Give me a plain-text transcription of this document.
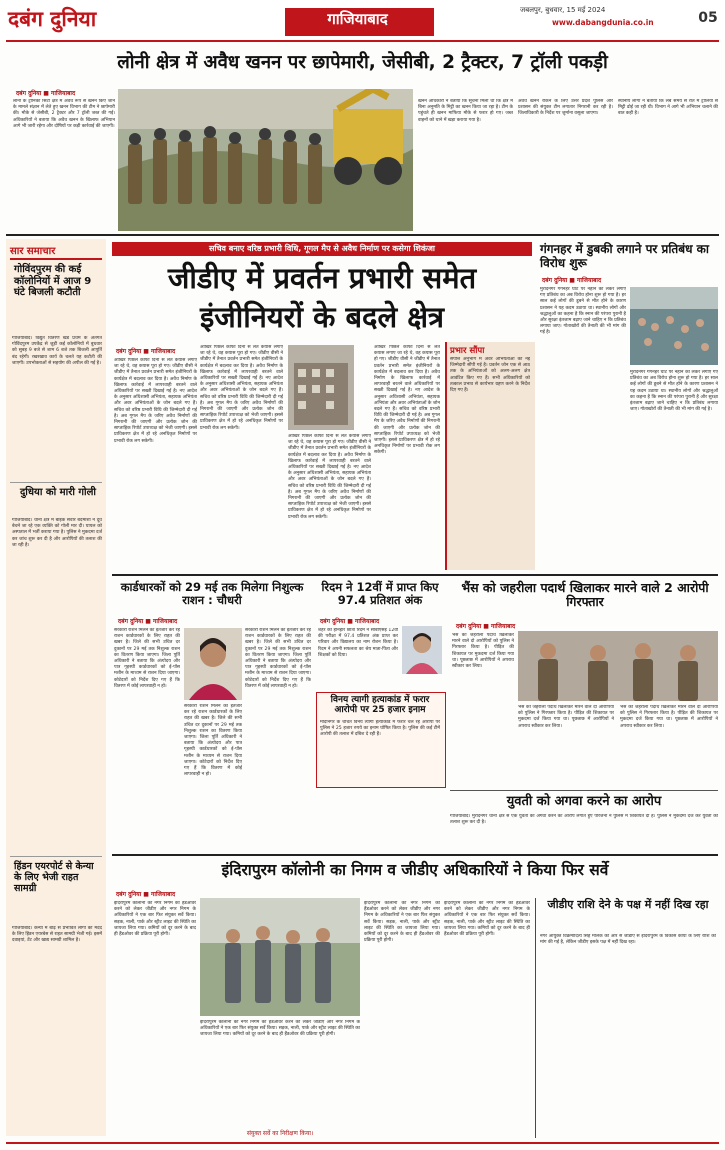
दबंग दुनिया	गाजियाबाद	जबलपुर, बुधवार, 15 मई 2024
www.dabangdunia.co.in	05
लोनी क्षेत्र में अवैध खनन पर छापेमारी, जेसीबी, 2 ट्रैक्टर, 7 ट्रॉली पकड़ी
दबंग दुनिया ■ गाजियाबाद
लोनी के ट्रोनिका सिटी क्षेत्र में अवैध रूप से खनन किए जाने के मामले संज्ञान में लेते हुए खनन विभाग की टीम ने छापेमारी की। मौके से जेसीबी, 2 ट्रैक्टर और 7 ट्रॉली जब्त की गई। अधिकारियों ने बताया कि अवैध खनन के खिलाफ अभियान आगे भी जारी रहेगा और दोषियों पर कड़ी कार्रवाई की जाएगी।
खनन अधिकारी ने बताया कि सूचना मिली थी कि क्षेत्र में बिना अनुमति के मिट्टी का खनन किया जा रहा है। टीम के पहुंचते ही खनन माफिया मौके से फरार हो गए। जब्त वाहनों को थाने में खड़ा कराया गया है।
अवैध खनन रोकने के लिए उत्तर प्रदेश पुलिस और प्रशासन की संयुक्त टीम लगातार निगरानी कर रही है। जिलाधिकारी के निर्देश पर जुर्माना वसूला जाएगा।
स्थानीय लोगों ने बताया कि लंबे समय से रात में ट्रॉलियों से मिट्टी ढोई जा रही थी। विभाग ने आगे भी अभियान चलाने की बात कही है।
सार समाचार
गोविंदपुरम की कई कॉलोनियों में आज 9 घंटे बिजली कटौती
गाजियाबाद। विद्युत वितरण खंड प्रथम के अंतर्गत गोविंदपुरम उपकेंद्र से जुड़ी कई कॉलोनियों में बुधवार को सुबह 9 बजे से शाम 6 बजे तक बिजली आपूर्ति बंद रहेगी। रखरखाव कार्य के चलते यह कटौती की जाएगी। उपभोक्ताओं से सहयोग की अपील की गई है।
दुधिया को मारी गोली
गाजियाबाद। थाना क्षेत्र में बाइक सवार बदमाशों ने दूध बेचने जा रहे एक व्यक्ति को गोली मार दी। घायल को अस्पताल में भर्ती कराया गया है। पुलिस ने मुकदमा दर्ज कर जांच शुरू कर दी है और आरोपियों की तलाश की जा रही है।
हिंडन एयरपोर्ट से केन्या के लिए भेजी राहत सामग्री
गाजियाबाद। केन्या में बाढ़ से प्रभावित लोगों की मदद के लिए हिंडन एयरबेस से राहत सामग्री भेजी गई। इसमें दवाइयां, टेंट और खाद्य सामग्री शामिल है।
सचिव बनाए वरिष्ठ प्रभारी विधि, गूगल मैप से अवैध निर्माण पर कसेगा शिकंजा
जीडीए में प्रवर्तन प्रभारी समेत
इंजीनियरों के बदले क्षेत्र
दबंग दुनिया ■ गाजियाबाद
आखिर पिछले काफी दिनों से लेते कयास लगाए जा रहे थे, वह कयास पूरा हो गए। जीडीए वीसी ने जीडीए में तैनात प्रवर्तन प्रभारी समेत इंजीनियरों के कार्यक्षेत्र में बदलाव कर दिया है। अवैध निर्माण के खिलाफ कार्रवाई में लापरवाही बरतने वाले अधिकारियों पर सख्ती दिखाई गई है। नए आदेश के अनुसार अधिशासी अभियंता, सहायक अभियंता और अवर अभियंताओं के जोन बदले गए हैं। सचिव को वरिष्ठ प्रभारी विधि की जिम्मेदारी दी गई है। अब गूगल मैप के जरिए अवैध निर्माणों की निगरानी की जाएगी और प्रत्येक जोन की साप्ताहिक रिपोर्ट उपाध्यक्ष को भेजी जाएगी। इससे प्राधिकरण क्षेत्र में हो रहे अनधिकृत निर्माणों पर प्रभावी रोक लग सकेगी।
आखिर पिछले काफी दिनों से लेते कयास लगाए जा रहे थे, वह कयास पूरा हो गए। जीडीए वीसी ने जीडीए में तैनात प्रवर्तन प्रभारी समेत इंजीनियरों के कार्यक्षेत्र में बदलाव कर दिया है। अवैध निर्माण के खिलाफ कार्रवाई में लापरवाही बरतने वाले अधिकारियों पर सख्ती दिखाई गई है। नए आदेश के अनुसार अधिशासी अभियंता, सहायक अभियंता और अवर अभियंताओं के जोन बदले गए हैं। सचिव को वरिष्ठ प्रभारी विधि की जिम्मेदारी दी गई है। अब गूगल मैप के जरिए अवैध निर्माणों की निगरानी की जाएगी और प्रत्येक जोन की साप्ताहिक रिपोर्ट उपाध्यक्ष को भेजी जाएगी। इससे प्राधिकरण क्षेत्र में हो रहे अनधिकृत निर्माणों पर प्रभावी रोक लग सकेगी।
आखिर पिछले काफी दिनों से लेते कयास लगाए जा रहे थे, वह कयास पूरा हो गए। जीडीए वीसी ने जीडीए में तैनात प्रवर्तन प्रभारी समेत इंजीनियरों के कार्यक्षेत्र में बदलाव कर दिया है। अवैध निर्माण के खिलाफ कार्रवाई में लापरवाही बरतने वाले अधिकारियों पर सख्ती दिखाई गई है। नए आदेश के अनुसार अधिशासी अभियंता, सहायक अभियंता और अवर अभियंताओं के जोन बदले गए हैं। सचिव को वरिष्ठ प्रभारी विधि की जिम्मेदारी दी गई है। अब गूगल मैप के जरिए अवैध निर्माणों की निगरानी की जाएगी और प्रत्येक जोन की साप्ताहिक रिपोर्ट उपाध्यक्ष को भेजी जाएगी। इससे प्राधिकरण क्षेत्र में हो रहे अनधिकृत निर्माणों पर प्रभावी रोक लग सकेगी।
आखिर पिछले काफी दिनों से लेते कयास लगाए जा रहे थे, वह कयास पूरा हो गए। जीडीए वीसी ने जीडीए में तैनात प्रवर्तन प्रभारी समेत इंजीनियरों के कार्यक्षेत्र में बदलाव कर दिया है। अवैध निर्माण के खिलाफ कार्रवाई में लापरवाही बरतने वाले अधिकारियों पर सख्ती दिखाई गई है। नए आदेश के अनुसार अधिशासी अभियंता, सहायक अभियंता और अवर अभियंताओं के जोन बदले गए हैं। सचिव को वरिष्ठ प्रभारी विधि की जिम्मेदारी दी गई है। अब गूगल मैप के जरिए अवैध निर्माणों की निगरानी की जाएगी और प्रत्येक जोन की साप्ताहिक रिपोर्ट उपाध्यक्ष को भेजी जाएगी। इससे प्राधिकरण क्षेत्र में हो रहे अनधिकृत निर्माणों पर प्रभावी रोक लग सकेगी।
प्रभार सौंपा
संपत्ति अनुभाग में अवर अभियंताओं को नई जिम्मेदारी सौंपी गई है। प्रवर्तन जोन एक से आठ तक के अभियंताओं को अलग-अलग क्षेत्र आवंटित किए गए हैं। सभी अधिकारियों को तत्काल प्रभाव से कार्यभार ग्रहण करने के निर्देश दिए गए हैं।
गंगनहर में डुबकी लगाने पर प्रतिबंध का विरोध शुरू
दबंग दुनिया ■ गाजियाबाद
मुरादनगर गंगनहर घाट पर नहाने को लेकर लगाए गए प्रतिबंध का अब विरोध होना शुरू हो गया है। हर साल कई लोगों की डूबने से मौत होने के कारण प्रशासन ने यह कदम उठाया था। स्थानीय लोगों और श्रद्धालुओं का कहना है कि स्नान की परंपरा पुरानी है और सुरक्षा इंतजाम बढ़ाए जाने चाहिए न कि प्रतिबंध लगाया जाए। गोताखोरों की तैनाती की भी मांग की गई है।
मुरादनगर गंगनहर घाट पर नहाने को लेकर लगाए गए प्रतिबंध का अब विरोध होना शुरू हो गया है। हर साल कई लोगों की डूबने से मौत होने के कारण प्रशासन ने यह कदम उठाया था। स्थानीय लोगों और श्रद्धालुओं का कहना है कि स्नान की परंपरा पुरानी है और सुरक्षा इंतजाम बढ़ाए जाने चाहिए न कि प्रतिबंध लगाया जाए। गोताखोरों की तैनाती की भी मांग की गई है।
कार्डधारकों को 29 मई तक मिलेगा निशुल्क राशन : चौधरी
दबंग दुनिया ■ गाजियाबाद
सरकारी राशन मिलने का इंतजार कर रहे राशन कार्डधारकों के लिए राहत की खबर है। जिले की सभी उचित दर दुकानों पर 29 मई तक निशुल्क राशन का वितरण किया जाएगा। जिला पूर्ति अधिकारी ने बताया कि अंत्योदय और पात्र गृहस्थी कार्डधारकों को ई-पॉस मशीन के माध्यम से राशन दिया जाएगा। कोटेदारों को निर्देश दिए गए हैं कि वितरण में कोई लापरवाही न हो।
सरकारी राशन मिलने का इंतजार कर रहे राशन कार्डधारकों के लिए राहत की खबर है। जिले की सभी उचित दर दुकानों पर 29 मई तक निशुल्क राशन का वितरण किया जाएगा। जिला पूर्ति अधिकारी ने बताया कि अंत्योदय और पात्र गृहस्थी कार्डधारकों को ई-पॉस मशीन के माध्यम से राशन दिया जाएगा। कोटेदारों को निर्देश दिए गए हैं कि वितरण में कोई लापरवाही न हो।
सरकारी राशन मिलने का इंतजार कर रहे राशन कार्डधारकों के लिए राहत की खबर है। जिले की सभी उचित दर दुकानों पर 29 मई तक निशुल्क राशन का वितरण किया जाएगा। जिला पूर्ति अधिकारी ने बताया कि अंत्योदय और पात्र गृहस्थी कार्डधारकों को ई-पॉस मशीन के माध्यम से राशन दिया जाएगा। कोटेदारों को निर्देश दिए गए हैं कि वितरण में कोई लापरवाही न हो।
रिदम ने 12वीं में प्राप्त किए 97.4 प्रतिशत अंक
दबंग दुनिया ■ गाजियाबाद
शहर की होनहार छात्रा रिदम ने सीबीएसई 12वीं की परीक्षा में 97.4 प्रतिशत अंक प्राप्त कर परिवार और विद्यालय का नाम रोशन किया है। रिदम ने अपनी सफलता का श्रेय माता-पिता और शिक्षकों को दिया।
विनय त्यागी हत्याकांड में फरार आरोपी पर 25 हजार इनाम
मोदीनगर के चर्चित विनय त्यागी हत्याकांड में फरार चल रहे आरोपी पर पुलिस ने 25 हजार रुपये का इनाम घोषित किया है। पुलिस की कई टीमें आरोपी की तलाश में दबिश दे रही हैं।
भैंस को जहरीला पदार्थ खिलाकर मारने वाले 2 आरोपी गिरफ्तार
दबंग दुनिया ■ गाजियाबाद
भैंस को जहरीला पदार्थ खिलाकर मारने वाले दो आरोपियों को पुलिस ने गिरफ्तार किया है। पीड़ित की शिकायत पर मुकदमा दर्ज किया गया था। पूछताछ में आरोपियों ने अपराध स्वीकार कर लिया।
भैंस को जहरीला पदार्थ खिलाकर मारने वाले दो आरोपियों को पुलिस ने गिरफ्तार किया है। पीड़ित की शिकायत पर मुकदमा दर्ज किया गया था। पूछताछ में आरोपियों ने अपराध स्वीकार कर लिया।
भैंस को जहरीला पदार्थ खिलाकर मारने वाले दो आरोपियों को पुलिस ने गिरफ्तार किया है। पीड़ित की शिकायत पर मुकदमा दर्ज किया गया था। पूछताछ में आरोपियों ने अपराध स्वीकार कर लिया।
युवती को अगवा करने का आरोप
गाजियाबाद। मुरादनगर थाना क्षेत्र से एक युवती को अगवा करने का आरोप लगाते हुए परिजनों ने पुलिस में शिकायत दी है। पुलिस ने मुकदमा दर्ज कर युवती की तलाश शुरू कर दी है।
इंदिरापुरम कॉलोनी का निगम व जीडीए अधिकारियों ने किया फिर सर्वे
दबंग दुनिया ■ गाजियाबाद
इंदिरापुरम कॉलोनी को नगर निगम को हैंडओवर करने को लेकर जीडीए और नगर निगम के अधिकारियों ने एक बार फिर संयुक्त सर्वे किया। सड़क, नाली, पार्क और स्ट्रीट लाइट की स्थिति का जायजा लिया गया। कमियों को दूर करने के बाद ही हैंडओवर की प्रक्रिया पूरी होगी।
इंदिरापुरम कॉलोनी को नगर निगम को हैंडओवर करने को लेकर जीडीए और नगर निगम के अधिकारियों ने एक बार फिर संयुक्त सर्वे किया। सड़क, नाली, पार्क और स्ट्रीट लाइट की स्थिति का जायजा लिया गया। कमियों को दूर करने के बाद ही हैंडओवर की प्रक्रिया पूरी होगी।
संयुक्त सर्वे का निरीक्षण किया।
इंदिरापुरम कॉलोनी को नगर निगम को हैंडओवर करने को लेकर जीडीए और नगर निगम के अधिकारियों ने एक बार फिर संयुक्त सर्वे किया। सड़क, नाली, पार्क और स्ट्रीट लाइट की स्थिति का जायजा लिया गया। कमियों को दूर करने के बाद ही हैंडओवर की प्रक्रिया पूरी होगी।
इंदिरापुरम कॉलोनी को नगर निगम को हैंडओवर करने को लेकर जीडीए और नगर निगम के अधिकारियों ने एक बार फिर संयुक्त सर्वे किया। सड़क, नाली, पार्क और स्ट्रीट लाइट की स्थिति का जायजा लिया गया। कमियों को दूर करने के बाद ही हैंडओवर की प्रक्रिया पूरी होगी।
जीडीए राशि देने के पक्ष में नहीं दिख रहा
नगर आयुक्त विक्रमादित्य सिंह मलिक की ओर से जीडीए से इंदिरापुरम के विकास कार्यों के लिए राशि की मांग की गई है, लेकिन जीडीए इसके पक्ष में नहीं दिख रहा।
